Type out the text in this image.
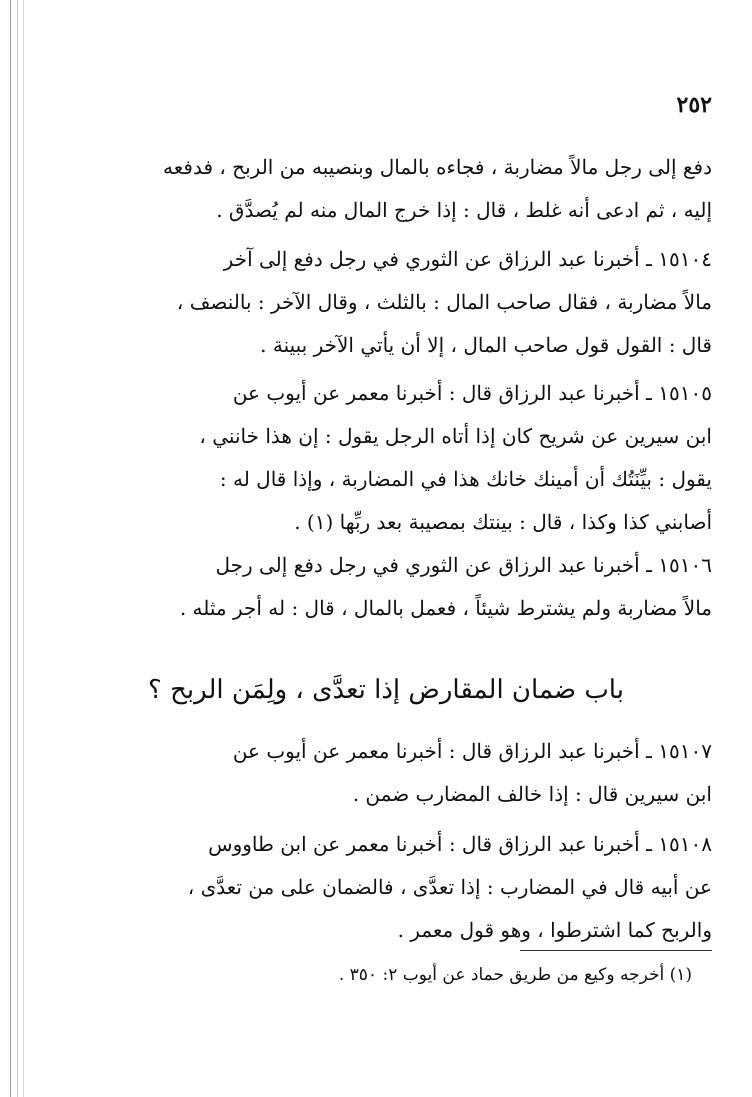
٢٥٢
دفع إلى رجل مالاً مضاربة ، فجاءه بالمال وبنصيبه من الربح ، فدفعه
إليه ، ثم ادعى أنه غلط ، قال : إذا خرج المال منه لم يُصدَّق .
١٥١٠٤ ـ أخبرنا عبد الرزاق عن الثوري في رجل دفع إلى آخر
مالاً مضاربة ، فقال صاحب المال : بالثلث ، وقال الآخر : بالنصف ،
قال : القول قول صاحب المال ، إلا أن يأتي الآخر ببينة .
١٥١٠٥ ـ أخبرنا عبد الرزاق قال : أخبرنا معمر عن أيوب عن
ابن سيرين عن شريح كان إذا أتاه الرجل يقول : إن هذا خانني ،
يقول : بيِّنَتُك أن أمينك خانك هذا في المضاربة ، وإذا قال له :
أصابني كذا وكذا ، قال : بينتك بمصيبة بعد ربِّها (١) .
١٥١٠٦ ـ أخبرنا عبد الرزاق عن الثوري في رجل دفع إلى رجل
مالاً مضاربة ولم يشترط شيئاً ، فعمل بالمال ، قال : له أجر مثله .
باب ضمان المقارض إذا تعدَّى ، ولِمَن الربح ؟
١٥١٠٧ ـ أخبرنا عبد الرزاق قال : أخبرنا معمر عن أيوب عن
ابن سيرين قال : إذا خالف المضارب ضمن .
١٥١٠٨ ـ أخبرنا عبد الرزاق قال : أخبرنا معمر عن ابن طاووس
عن أبيه قال في المضارب : إذا تعدَّى ، فالضمان على من تعدَّى ،
والربح كما اشترطوا ، وهو قول معمر .
(١) أخرجه وكيع من طريق حماد عن أيوب ٢: ٣٥٠ .
